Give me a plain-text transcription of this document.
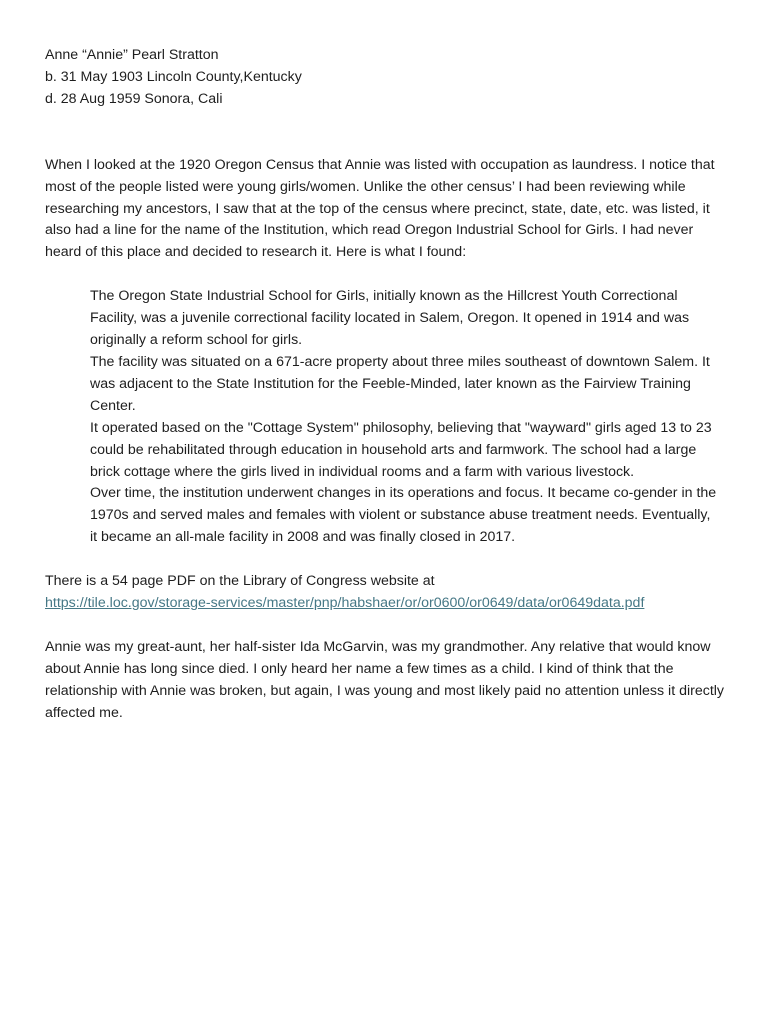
Anne “Annie” Pearl Stratton
b. 31 May 1903 Lincoln County,Kentucky
d. 28 Aug 1959 Sonora, Cali

When I looked at the 1920 Oregon Census that Annie was listed with occupation as laundress. I notice that most of the people listed were young girls/women. Unlike the other census’ I had been reviewing while researching my ancestors, I saw that at the top of the census where precinct, state, date, etc. was listed, it also had a line for the name of the Institution, which read Oregon Industrial School for Girls. I had never heard of this place and decided to research it. Here is what I found:

The Oregon State Industrial School for Girls, initially known as the Hillcrest Youth Correctional Facility, was a juvenile correctional facility located in Salem, Oregon. It opened in 1914 and was originally a reform school for girls.

The facility was situated on a 671-acre property about three miles southeast of downtown Salem. It was adjacent to the State Institution for the Feeble-Minded, later known as the Fairview Training Center.

It operated based on the "Cottage System" philosophy, believing that "wayward" girls aged 13 to 23 could be rehabilitated through education in household arts and farmwork. The school had a large brick cottage where the girls lived in individual rooms and a farm with various livestock.

Over time, the institution underwent changes in its operations and focus. It became co-gender in the 1970s and served males and females with violent or substance abuse treatment needs. Eventually, it became an all-male facility in 2008 and was finally closed in 2017.

There is a 54 page PDF on the Library of Congress website at

https://tile.loc.gov/storage-services/master/pnp/habshaer/or/or0600/or0649/data/or0649data.pdf

Annie was my great-aunt, her half-sister Ida McGarvin, was my grandmother. Any relative that would know about Annie has long since died. I only heard her name a few times as a child. I kind of think that the relationship with Annie was broken, but again, I was young and most likely paid no attention unless it directly affected me.
